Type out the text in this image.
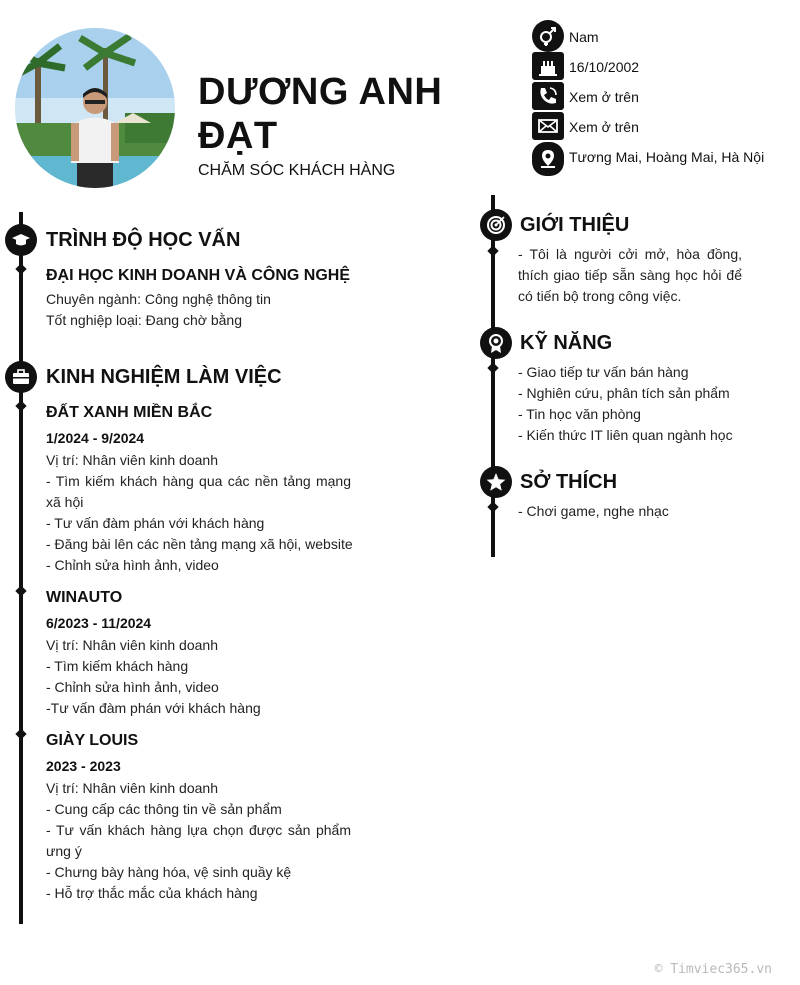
DƯƠNG ANH ĐẠT
CHĂM SÓC KHÁCH HÀNG
Nam
16/10/2002
Xem ở trên
Xem ở trên
Tương Mai, Hoàng Mai, Hà Nội
TRÌNH ĐỘ HỌC VẤN
ĐẠI HỌC KINH DOANH VÀ CÔNG NGHỆ
Chuyên ngành: Công nghệ thông tin
Tốt nghiệp loại: Đang chờ bằng
KINH NGHIỆM LÀM VIỆC
ĐẤT XANH MIỀN BẮC
1/2024 - 9/2024
Vị trí: Nhân viên kinh doanh
- Tìm kiếm khách hàng qua các nền tảng mạng xã hội
- Tư vấn đàm phán với khách hàng
- Đăng bài lên các nền tảng mạng xã hội, website
- Chỉnh sửa hình ảnh, video
WINAUTO
6/2023 - 11/2024
Vị trí: Nhân viên kinh doanh
- Tìm kiếm khách hàng
- Chỉnh sửa hình ảnh, video
-Tư vấn đàm phán với khách hàng
GIÀY LOUIS
2023 - 2023
Vị trí: Nhân viên kinh doanh
- Cung cấp các thông tin về sản phẩm
- Tư vấn khách hàng lựa chọn được sản phẩm ưng ý
- Chưng bày hàng hóa, vệ sinh quầy kệ
- Hỗ trợ thắc mắc của khách hàng
GIỚI THIỆU
- Tôi là người cởi mở, hòa đồng, thích giao tiếp sẵn sàng học hỏi để có tiến bộ trong công việc.
KỸ NĂNG
- Giao tiếp tư vấn bán hàng
- Nghiên cứu, phân tích sản phẩm
- Tin học văn phòng
- Kiến thức IT liên quan ngành học
SỞ THÍCH
- Chơi game, nghe nhạc
© Timviec365.vn
